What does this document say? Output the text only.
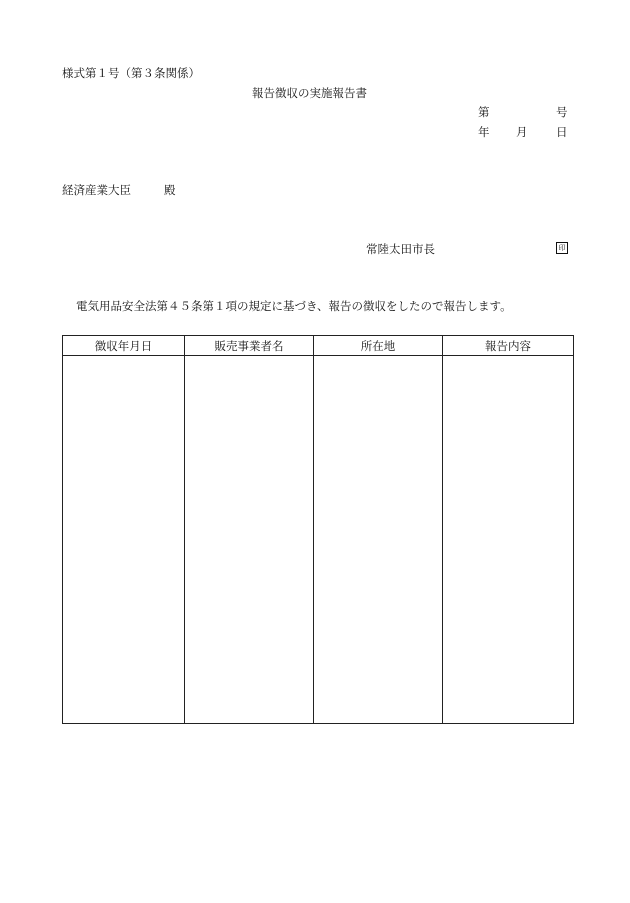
様式第１号（第３条関係）
報告徴収の実施報告書
第	号
年 月 日
経済産業大臣	殿
常陸太田市長	印
電気用品安全法第４５条第１項の規定に基づき、報告の徴収をしたので報告します。
徴収年月日	販売事業者名	所在地	報告内容
